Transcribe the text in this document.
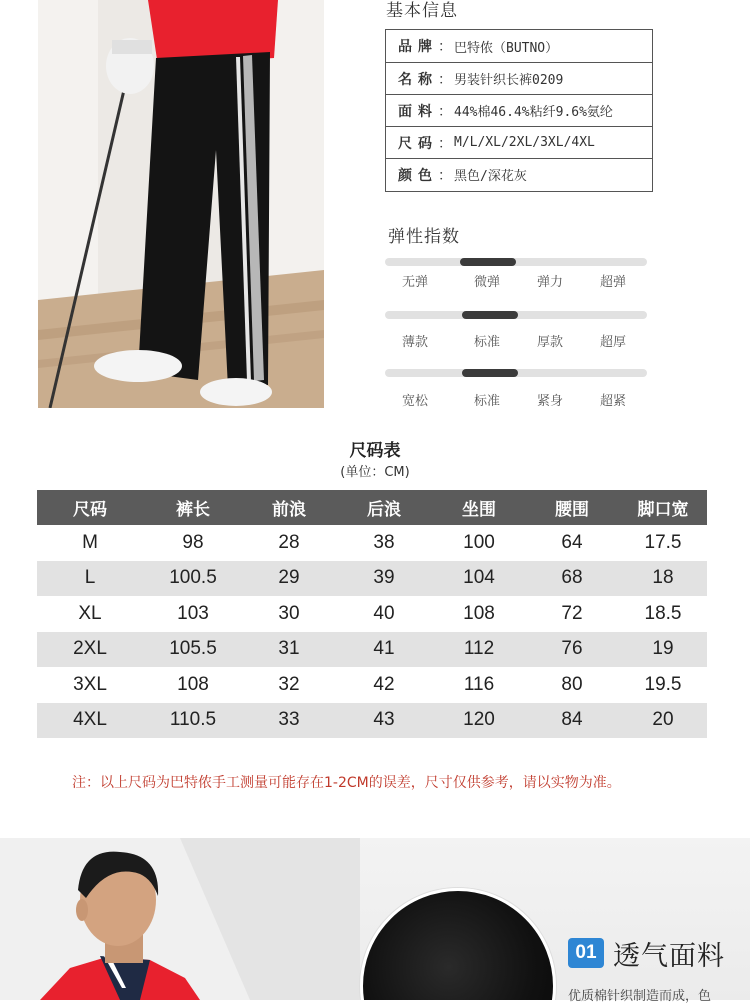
基本信息
品牌 ： 巴特侬（BUTNO）
名称 ： 男装针织长裤0209
面料 ： 44%棉46.4%粘纤9.6%氨纶
尺码 ： M/L/XL/2XL/3XL/4XL
颜色 ： 黑色/深花灰
弹性指数
无弹	微弹	弹力	超弹
薄款	标准	厚款	超厚
宽松	标准	紧身	超紧
尺码表
(单位：CM)
尺码	裤长	前浪	后浪	坐围	腰围	脚口宽
M	98	28	38	100	64	17.5
L	100.5	29	39	104	68	18
XL	103	30	40	108	72	18.5
2XL	105.5	31	41	112	76	19
3XL	108	32	42	116	80	19.5
4XL	110.5	33	43	120	84	20
注：以上尺码为巴特侬手工测量可能存在1-2CM的误差，尺寸仅供参考，请以实物为准。
01 透气面料
优质棉针织制造而成，色
